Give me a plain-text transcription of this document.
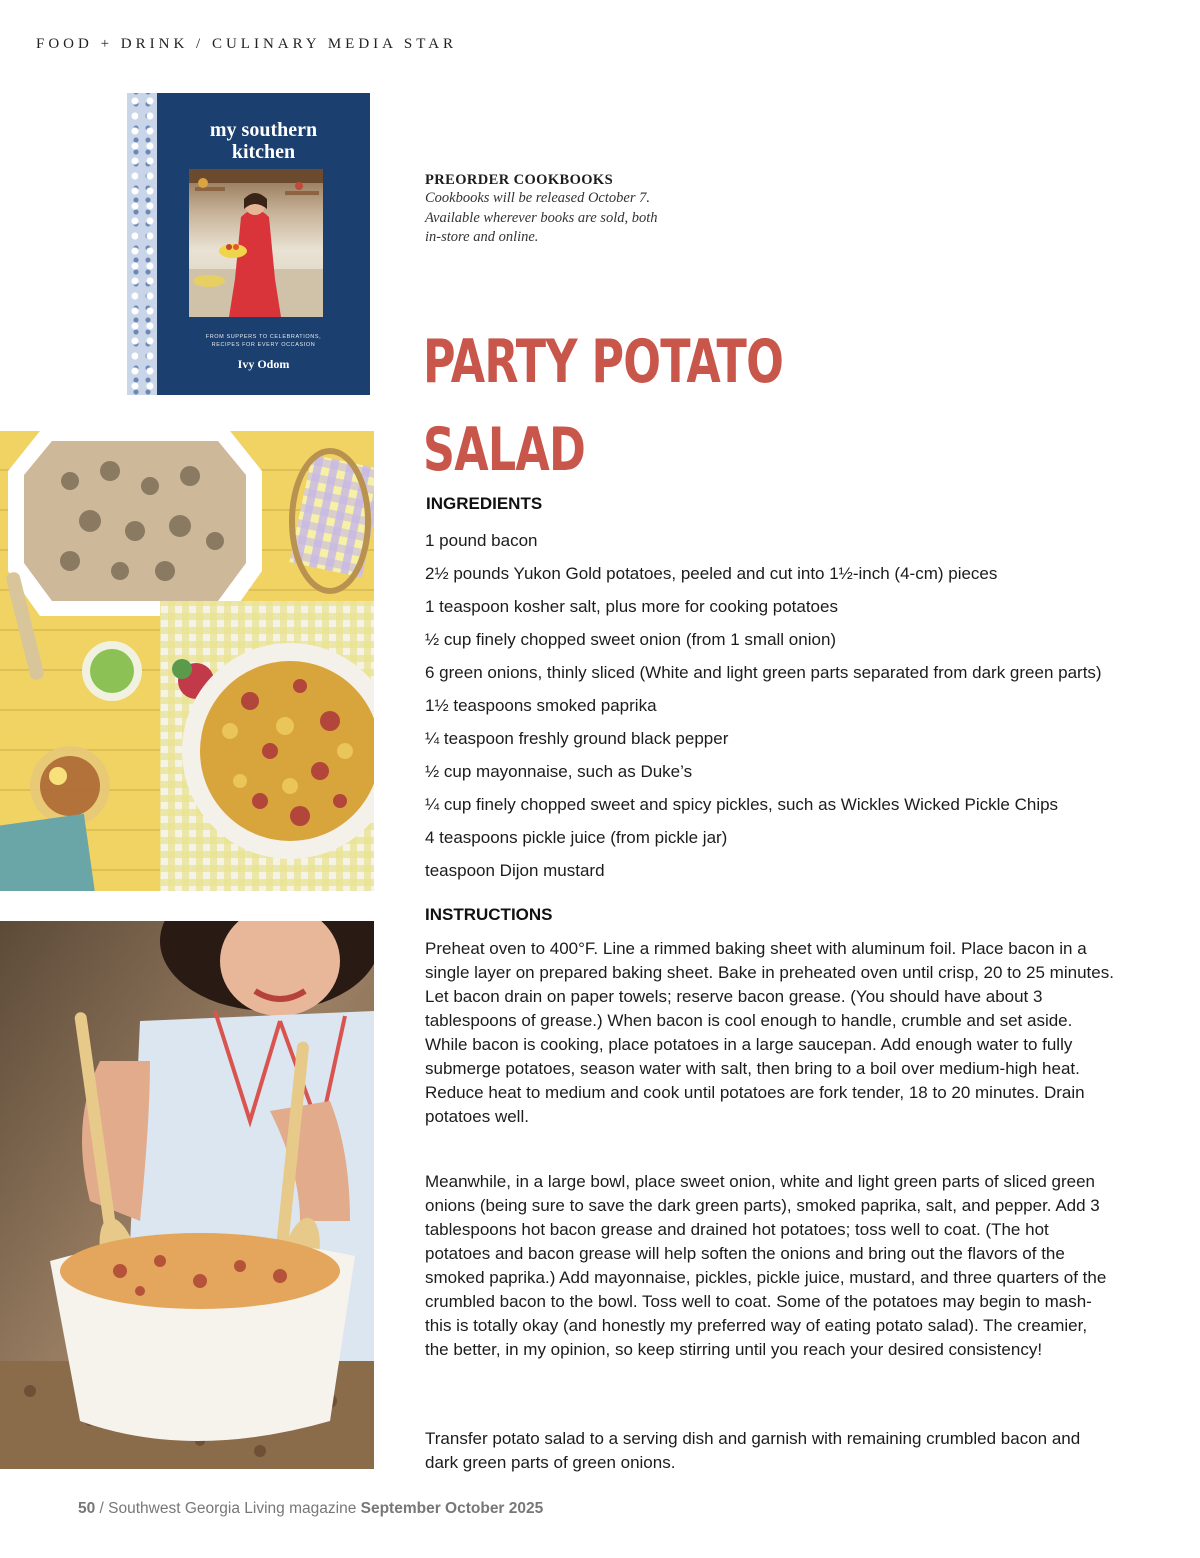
FOOD + DRINK / CULINARY MEDIA STAR
my southern
kitchen
FROM SUPPERS TO CELEBRATIONS,
RECIPES FOR EVERY OCCASION
Ivy Odom
PREORDER COOKBOOKS
Cookbooks will be released October 7.
Available wherever books are sold, both
in-store and online.
PARTY POTATO
SALAD
INGREDIENTS
1 pound bacon
2½ pounds Yukon Gold potatoes, peeled and cut into 1½-inch (4-cm) pieces
1 teaspoon kosher salt, plus more for cooking potatoes
½ cup finely chopped sweet onion (from 1 small onion)
6 green onions, thinly sliced (White and light green parts separated from dark green parts)
1½ teaspoons smoked paprika
¼ teaspoon freshly ground black pepper
½ cup mayonnaise, such as Duke’s
¼ cup finely chopped sweet and spicy pickles, such as Wickles Wicked Pickle Chips
4 teaspoons pickle juice (from pickle jar)
teaspoon Dijon mustard
INSTRUCTIONS

Preheat oven to 400°F. Line a rimmed baking sheet with aluminum foil. Place bacon in a single layer on prepared baking sheet. Bake in preheated oven until crisp, 20 to 25 minutes. Let bacon drain on paper towels; reserve bacon grease. (You should have about 3 tablespoons of grease.) When bacon is cool enough to handle, crumble and set aside. While bacon is cooking, place potatoes in a large saucepan. Add enough water to fully submerge potatoes, season water with salt, then bring to a boil over medium-high heat. Reduce heat to medium and cook until potatoes are fork tender, 18 to 20 minutes. Drain potatoes well.

Meanwhile, in a large bowl, place sweet onion, white and light green parts of sliced green onions (being sure to save the dark green parts), smoked paprika, salt, and pepper. Add 3 tablespoons hot bacon grease and drained hot potatoes; toss well to coat. (The hot potatoes and bacon grease will help soften the onions and bring out the flavors of the smoked paprika.) Add mayonnaise, pickles, pickle juice, mustard, and three quarters of the crumbled bacon to the bowl. Toss well to coat. Some of the potatoes may begin to mash-this is totally okay (and honestly my preferred way of eating potato salad). The creamier, the better, in my opinion, so keep stirring until you reach your desired consistency!

Transfer potato salad to a serving dish and garnish with remaining crumbled bacon and dark green parts of green onions.

50 / Southwest Georgia Living magazine September October 2025
